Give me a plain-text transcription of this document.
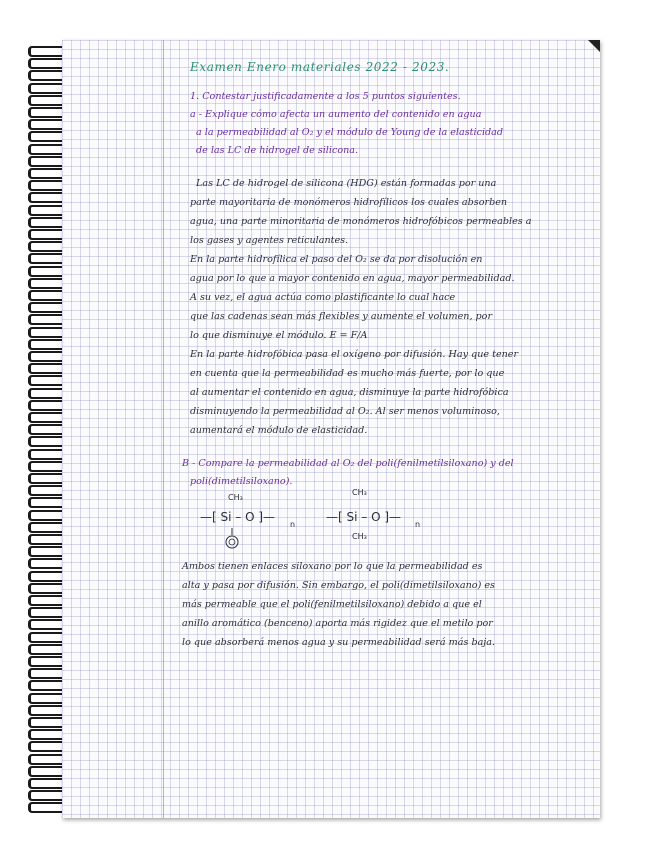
Examen Enero materiales 2022 - 2023.

1. Contestar justificadamente a los 5 puntos siguientes.

a - Explique cómo afecta un aumento del contenido en agua

a la permeabilidad al O₂ y el módulo de Young de la elasticidad

de las LC de hidrogel de silicona.

Las LC de hidrogel de silicona (HDG) están formadas por una

parte mayoritaria de monómeros hidrofílicos los cuales absorben

agua, una parte minoritaria de monómeros hidrofóbicos permeables a

los gases y agentes reticulantes.

En la parte hidrofílica el paso del O₂ se da por disolución en

agua por lo que a mayor contenido en agua, mayor permeabilidad.

A su vez, el agua actúa como plastificante lo cual hace

que las cadenas sean más flexibles y aumente el volumen, por

lo que disminuye el módulo. E = F/A

En la parte hidrofóbica pasa el oxígeno por difusión. Hay que tener

en cuenta que la permeabilidad es mucho más fuerte, por lo que

al aumentar el contenido en agua, disminuye la parte hidrofóbica

disminuyendo la permeabilidad al O₂. Al ser menos voluminoso,

aumentará el módulo de elasticidad.

B - Compare la permeabilidad al O₂ del poli(fenilmetilsiloxano) y del

poli(dimetilsiloxano).

CH₃
—[ Si – O ]—
n
CH₃
—[ Si – O ]—
CH₃
n

Ambos tienen enlaces siloxano por lo que la permeabilidad es

alta y pasa por difusión. Sin embargo, el poli(dimetilsiloxano) es

más permeable que el poli(fenilmetilsiloxano) debido a que el

anillo aromático (benceno) aporta más rigidez que el metilo por

lo que absorberá menos agua y su permeabilidad será más baja.
